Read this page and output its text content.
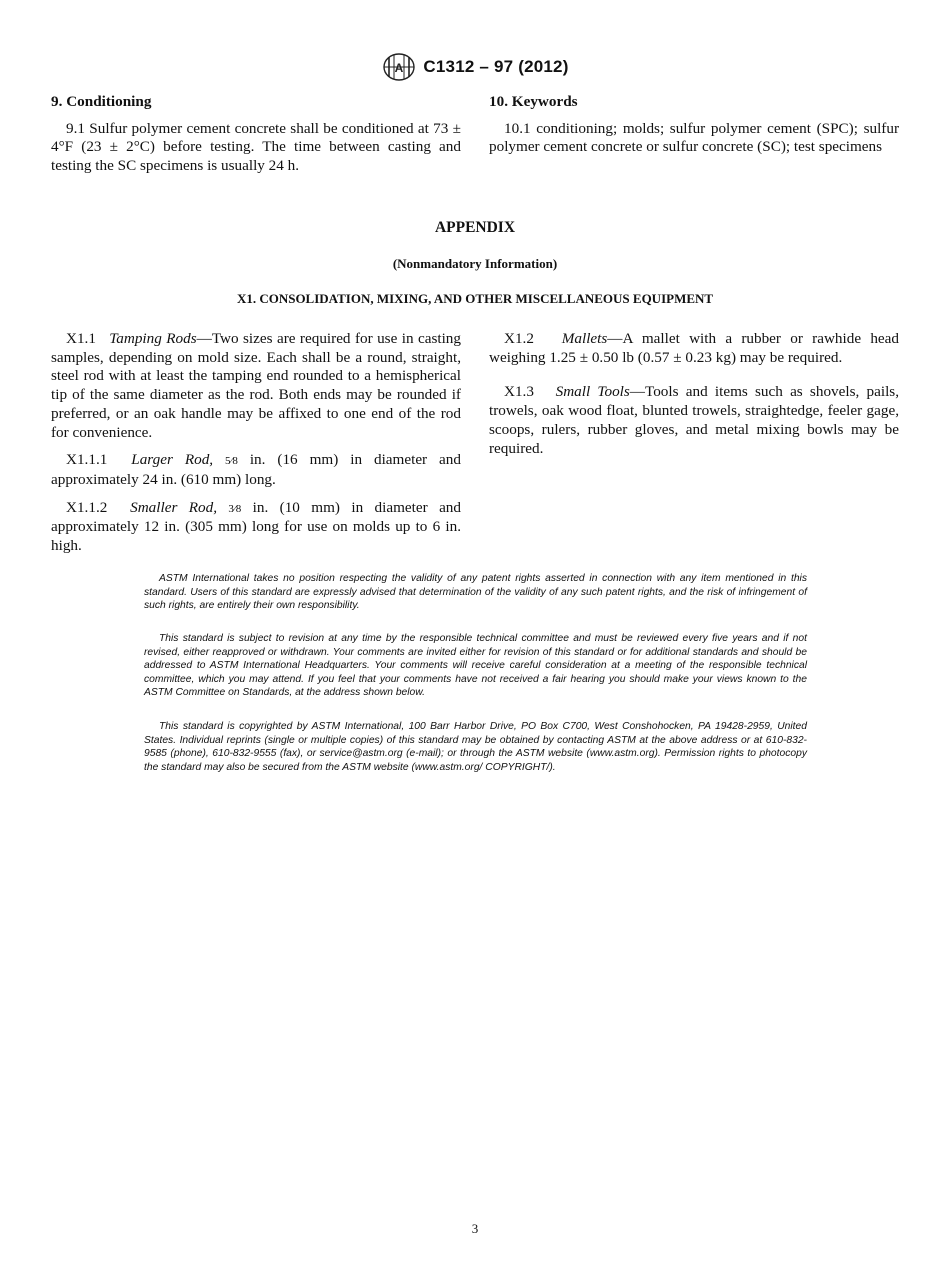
A C1312 – 97 (2012)
9. Conditioning

9.1 Sulfur polymer cement concrete shall be conditioned at 73 ± 4°F (23 ± 2°C) before testing. The time between casting and testing the SC specimens is usually 24 h.

10. Keywords

10.1 conditioning; molds; sulfur polymer cement (SPC); sulfur polymer cement concrete or sulfur concrete (SC); test specimens

APPENDIX
(Nonmandatory Information)
X1. CONSOLIDATION, MIXING, AND OTHER MISCELLANEOUS EQUIPMENT

X1.1 Tamping Rods—Two sizes are required for use in casting samples, depending on mold size. Each shall be a round, straight, steel rod with at least the tamping end rounded to a hemispherical tip of the same diameter as the rod. Both ends may be rounded if preferred, or an oak handle may be affixed to one end of the rod for convenience.

X1.1.1 Larger Rod, 5⁄8 in. (16 mm) in diameter and approximately 24 in. (610 mm) long.

X1.1.2 Smaller Rod, 3⁄8 in. (10 mm) in diameter and approximately 12 in. (305 mm) long for use on molds up to 6 in. high.

X1.2 Mallets—A mallet with a rubber or rawhide head weighing 1.25 ± 0.50 lb (0.57 ± 0.23 kg) may be required.

X1.3 Small Tools—Tools and items such as shovels, pails, trowels, oak wood float, blunted trowels, straightedge, feeler gage, scoops, rulers, rubber gloves, and metal mixing bowls may be required.

ASTM International takes no position respecting the validity of any patent rights asserted in connection with any item mentioned in this standard. Users of this standard are expressly advised that determination of the validity of any such patent rights, and the risk of infringement of such rights, are entirely their own responsibility.

This standard is subject to revision at any time by the responsible technical committee and must be reviewed every five years and if not revised, either reapproved or withdrawn. Your comments are invited either for revision of this standard or for additional standards and should be addressed to ASTM International Headquarters. Your comments will receive careful consideration at a meeting of the responsible technical committee, which you may attend. If you feel that your comments have not received a fair hearing you should make your views known to the ASTM Committee on Standards, at the address shown below.

This standard is copyrighted by ASTM International, 100 Barr Harbor Drive, PO Box C700, West Conshohocken, PA 19428-2959, United States. Individual reprints (single or multiple copies) of this standard may be obtained by contacting ASTM at the above address or at 610-832-9585 (phone), 610-832-9555 (fax), or service@astm.org (e-mail); or through the ASTM website (www.astm.org). Permission rights to photocopy the standard may also be secured from the ASTM website (www.astm.org/ COPYRIGHT/).

3
